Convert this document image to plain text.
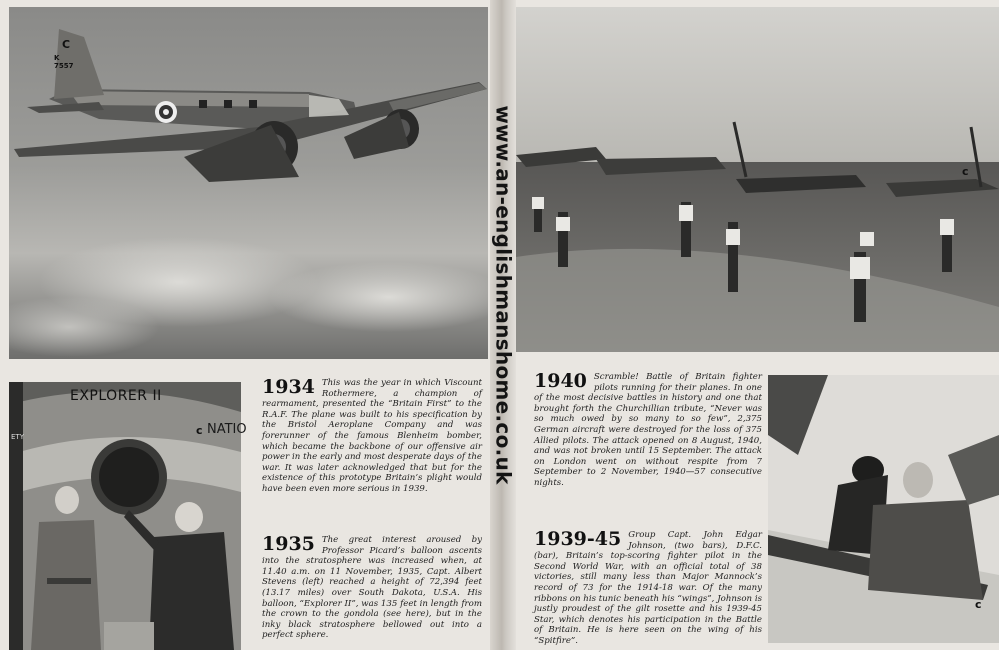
C
K 7557
EXPLORER II
NATIO
c
ETY
c
c
1934 This was the year in which Viscount Rothermere, a champion of rearmament, presented the “Britain First” to the R.A.F. The plane was built to his specification by the Bristol Aeroplane Company and was forerunner of the famous Blenheim bomber, which became the backbone of our offensive air power in the early and most desperate days of the war. It was later acknowledged that but for the existence of this prototype Britain’s plight would have been even more serious in 1939.
1935 The great interest aroused by Professor Picard’s balloon ascents into the stratosphere was increased when, at 11.40 a.m. on 11 November, 1935, Capt. Albert Stevens (left) reached a height of 72,394 feet (13.17 miles) over South Dakota, U.S.A. His balloon, “Explorer II”, was 135 feet in length from the crown to the gondola (see here), but in the inky black stratosphere bellowed out into a perfect sphere.
1940 Scramble! Battle of Britain fighter pilots running for their planes. In one of the most decisive battles in history and one that brought forth the Churchillian tribute, “Never was so much owed by so many to so few”, 2,375 German aircraft were destroyed for the loss of 375 Allied pilots. The attack opened on 8 August, 1940, and was not broken until 15 September. The attack on London went on without respite from 7 September to 2 November, 1940—57 consecutive nights.
1939-45 Group Capt. John Edgar Johnson, (two bars), D.F.C. (bar), Britain’s top-scoring fighter pilot in the Second World War, with an official total of 38 victories, still many less than Major Mannock’s record of 73 for the 1914-18 war. Of the many ribbons on his tunic beneath his “wings”, Johnson is justly proudest of the gilt rosette and his 1939-45 Star, which denotes his participation in the Battle of Britain. He is here seen on the wing of his “Spitfire”.
www.an-englishmanshome.co.uk
